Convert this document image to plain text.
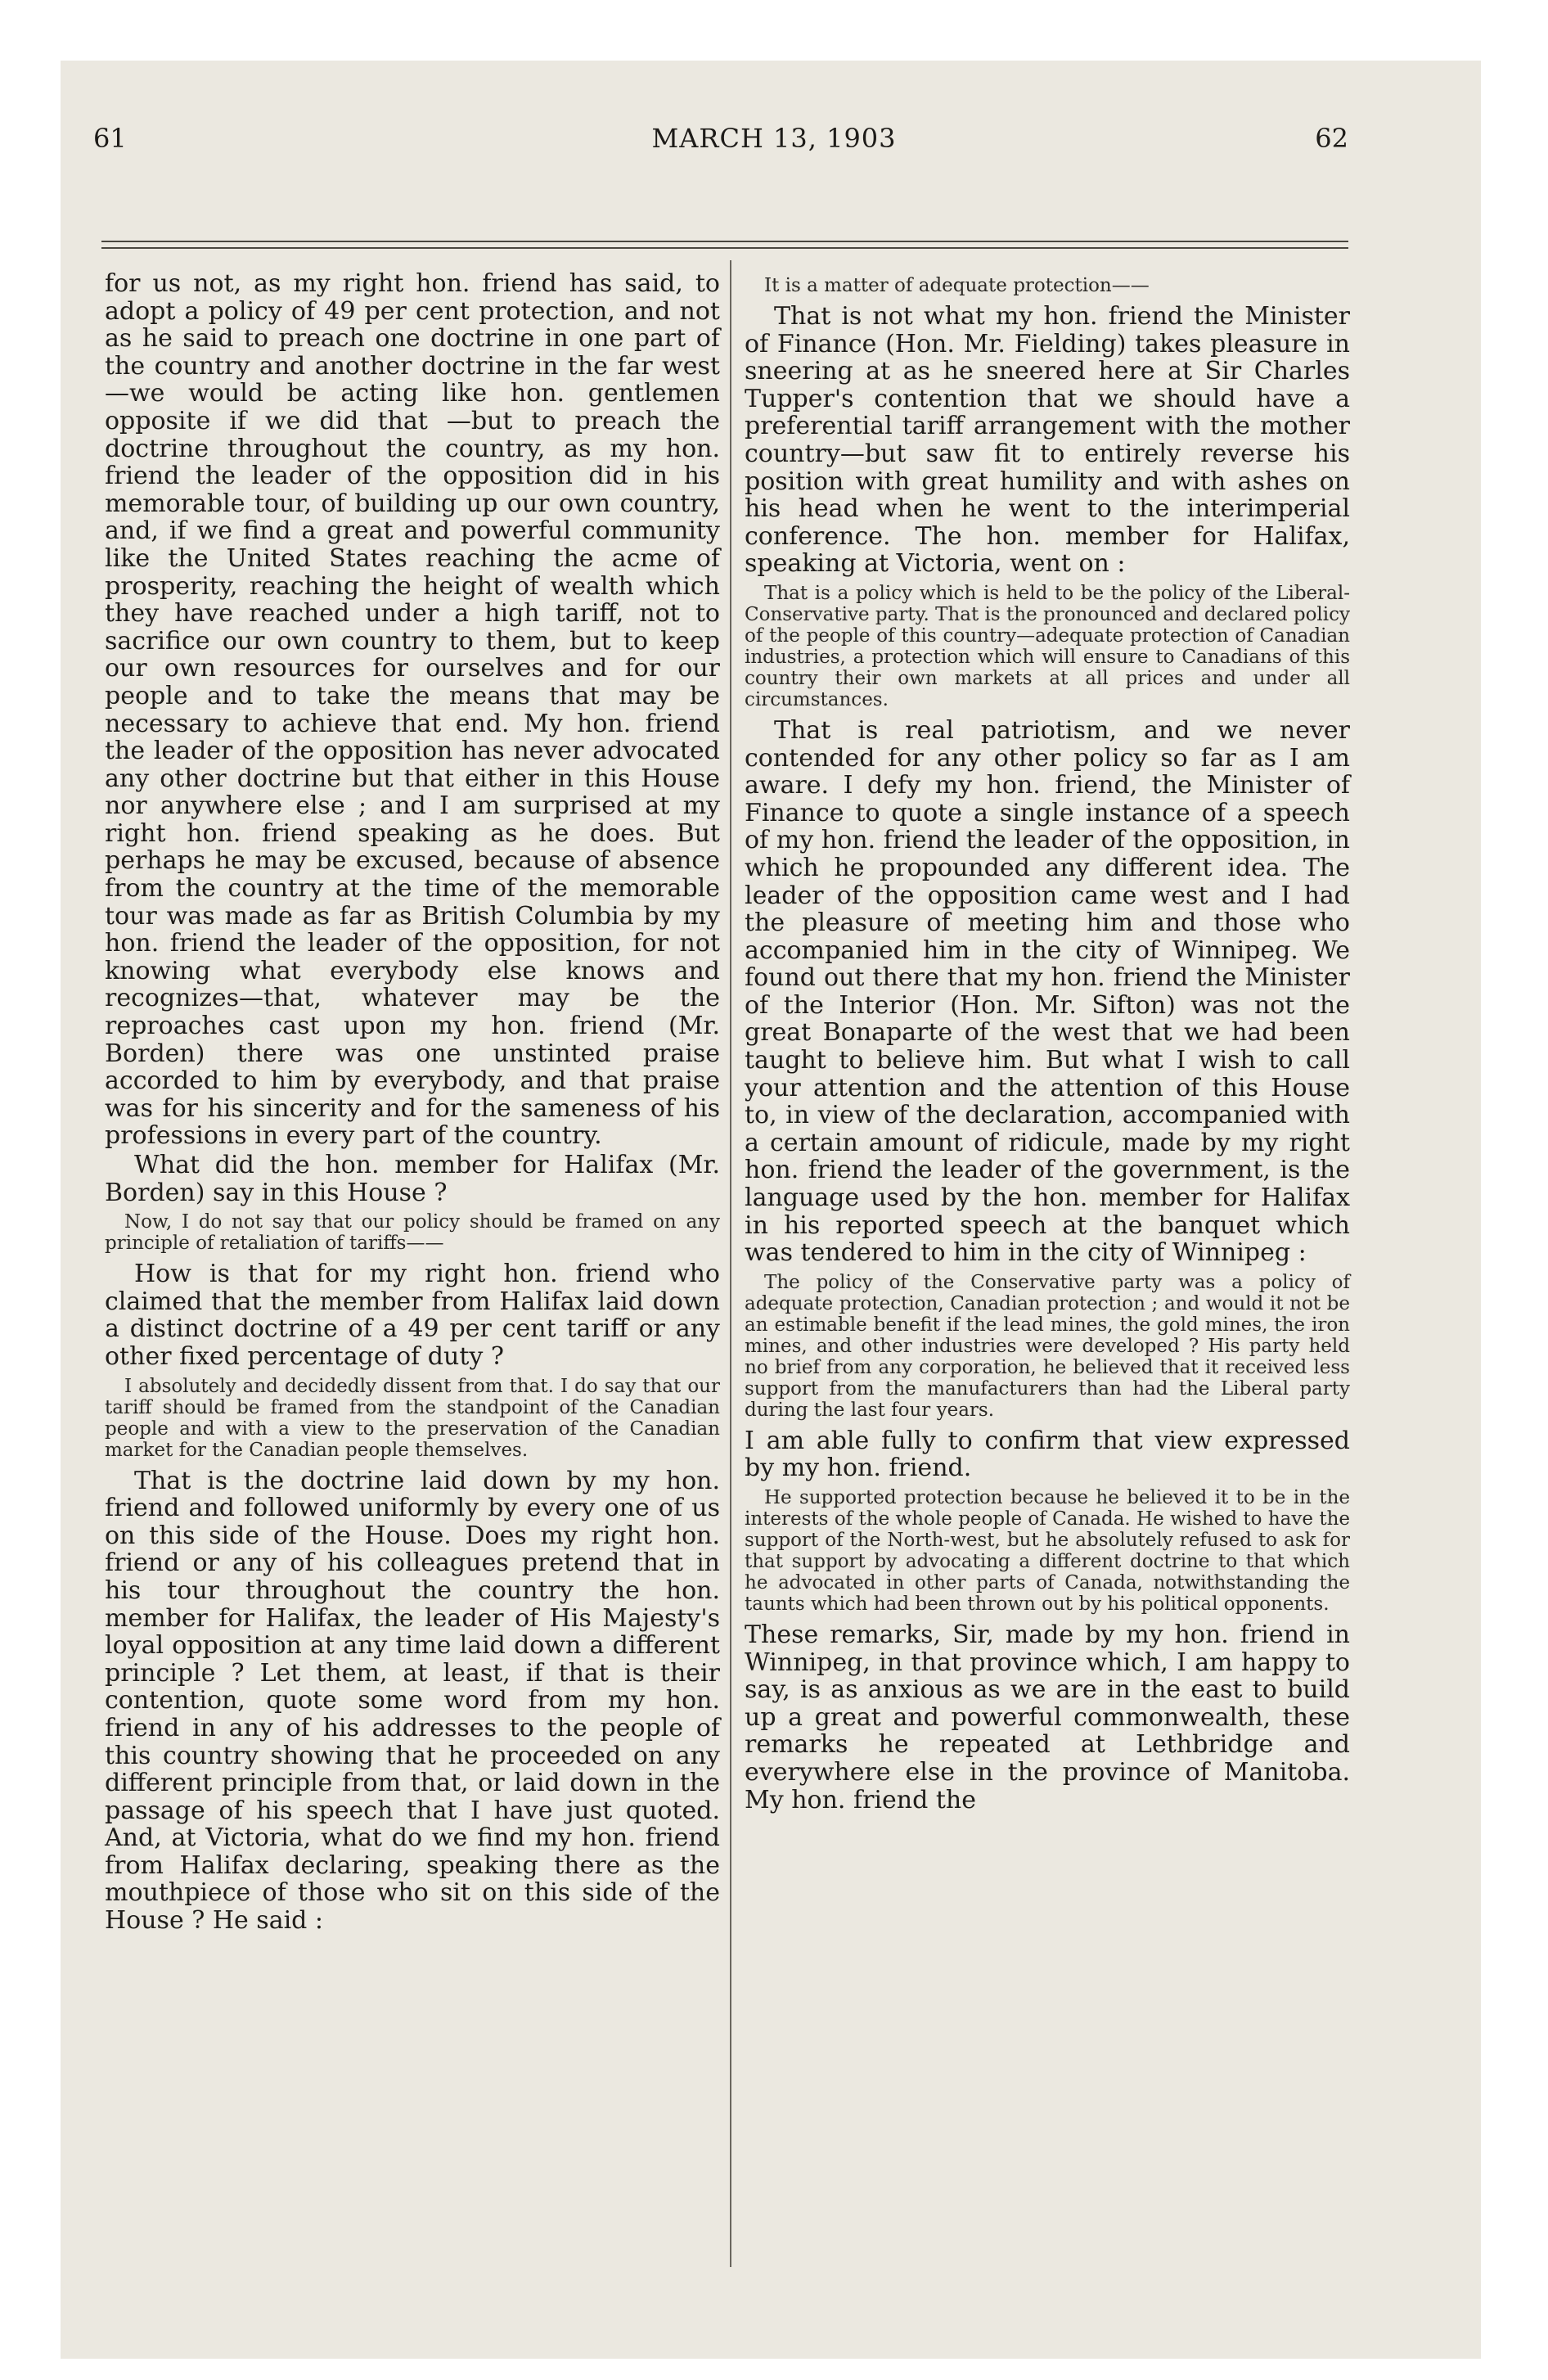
MARCH 13, 1903
61	62

for us not, as my right hon. friend has said, to adopt a policy of 49 per cent protection, and not as he said to preach one doctrine in one part of the country and another doctrine in the far west—we would be acting like hon. gentlemen opposite if we did that —but to preach the doctrine throughout the country, as my hon. friend the leader of the opposition did in his memorable tour, of building up our own country, and, if we find a great and powerful community like the United States reaching the acme of prosperity, reaching the height of wealth which they have reached under a high tariff, not to sacrifice our own country to them, but to keep our own resources for ourselves and for our people and to take the means that may be necessary to achieve that end. My hon. friend the leader of the opposition has never advocated any other doctrine but that either in this House nor anywhere else ; and I am surprised at my right hon. friend speaking as he does. But perhaps he may be excused, because of absence from the country at the time of the memorable tour was made as far as British Columbia by my hon. friend the leader of the opposition, for not knowing what everybody else knows and recognizes—that, whatever may be the reproaches cast upon my hon. friend (Mr. Borden) there was one unstinted praise accorded to him by everybody, and that praise was for his sincerity and for the sameness of his professions in every part of the country.

What did the hon. member for Halifax (Mr. Borden) say in this House ?

Now, I do not say that our policy should be framed on any principle of retaliation of tariffs——

How is that for my right hon. friend who claimed that the member from Halifax laid down a distinct doctrine of a 49 per cent tariff or any other fixed percentage of duty ?

I absolutely and decidedly dissent from that. I do say that our tariff should be framed from the standpoint of the Canadian people and with a view to the preservation of the Canadian market for the Canadian people themselves.

That is the doctrine laid down by my hon. friend and followed uniformly by every one of us on this side of the House. Does my right hon. friend or any of his colleagues pretend that in his tour throughout the country the hon. member for Halifax, the leader of His Majesty's loyal opposition at any time laid down a different principle ? Let them, at least, if that is their contention, quote some word from my hon. friend in any of his addresses to the people of this country showing that he proceeded on any different principle from that, or laid down in the passage of his speech that I have just quoted. And, at Victoria, what do we find my hon. friend from Halifax declaring, speaking there as the mouthpiece of those who sit on this side of the House ? He said :

It is a matter of adequate protection——

That is not what my hon. friend the Minister of Finance (Hon. Mr. Fielding) takes pleasure in sneering at as he sneered here at Sir Charles Tupper's contention that we should have a preferential tariff arrangement with the mother country—but saw fit to entirely reverse his position with great humility and with ashes on his head when he went to the interimperial conference. The hon. member for Halifax, speaking at Victoria, went on :

That is a policy which is held to be the policy of the Liberal-Conservative party. That is the pronounced and declared policy of the people of this country—adequate protection of Canadian industries, a protection which will ensure to Canadians of this country their own markets at all prices and under all circumstances.

That is real patriotism, and we never contended for any other policy so far as I am aware. I defy my hon. friend, the Minister of Finance to quote a single instance of a speech of my hon. friend the leader of the opposition, in which he propounded any different idea. The leader of the opposition came west and I had the pleasure of meeting him and those who accompanied him in the city of Winnipeg. We found out there that my hon. friend the Minister of the Interior (Hon. Mr. Sifton) was not the great Bonaparte of the west that we had been taught to believe him. But what I wish to call your attention and the attention of this House to, in view of the declaration, accompanied with a certain amount of ridicule, made by my right hon. friend the leader of the government, is the language used by the hon. member for Halifax in his reported speech at the banquet which was tendered to him in the city of Winnipeg :

The policy of the Conservative party was a policy of adequate protection, Canadian protection ; and would it not be an estimable benefit if the lead mines, the gold mines, the iron mines, and other industries were developed ? His party held no brief from any corporation, he believed that it received less support from the manufacturers than had the Liberal party during the last four years.

I am able fully to confirm that view expressed by my hon. friend.

He supported protection because he believed it to be in the interests of the whole people of Canada. He wished to have the support of the North-west, but he absolutely refused to ask for that support by advocating a different doctrine to that which he advocated in other parts of Canada, notwithstanding the taunts which had been thrown out by his political opponents.

These remarks, Sir, made by my hon. friend in Winnipeg, in that province which, I am happy to say, is as anxious as we are in the east to build up a great and powerful commonwealth, these remarks he repeated at Lethbridge and everywhere else in the province of Manitoba. My hon. friend the
